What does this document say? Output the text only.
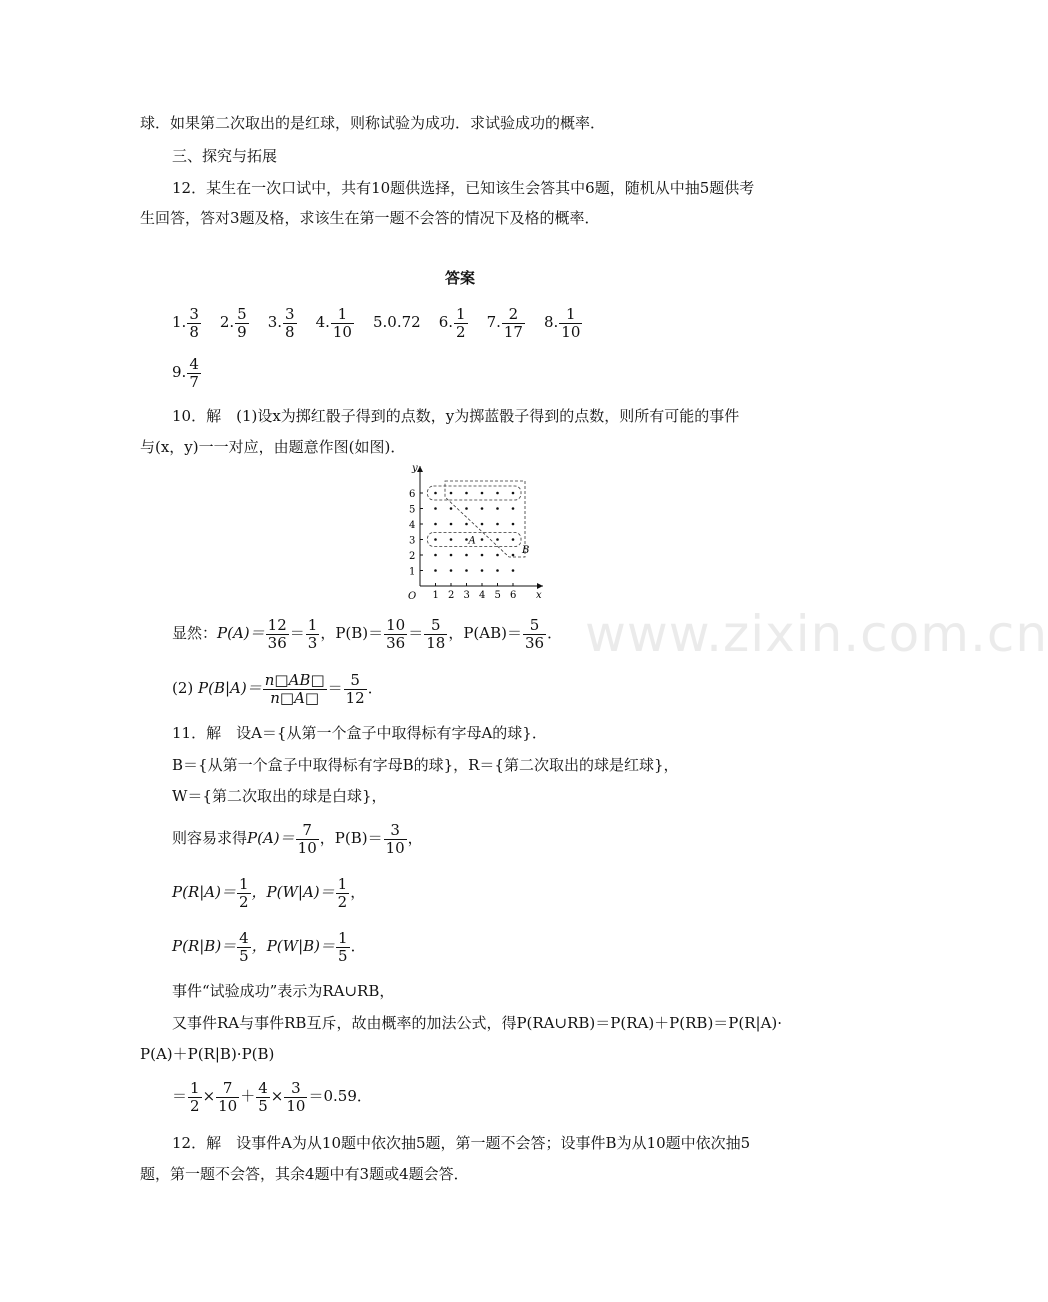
球．如果第二次取出的是红球，则称试验为成功．求试验成功的概率．
三、探究与拓展
12．某生在一次口试中，共有10题供选择，已知该生会答其中6题，随机从中抽5题供考
生回答，答对3题及格，求该生在第一题不会答的情况下及格的概率．
答案
1. $\frac{3}{8} 2$. $\frac{5}{9} 3$. $\frac{3}{8} 4$. $\frac{1}{10} 5.0.72$ 6. $\frac{1}{2} 7$. $\frac{2}{17} 8$. $\frac{1}{10}$
9. $\frac{4}{7}$
10．解　(1)设x为掷红骰子得到的点数，y为掷蓝骰子得到的点数，则所有可能的事件
与(x，y)一一对应，由题意作图(如图)．
y
x
O 1 2 3 4 5 6
1
2
3
4
5
6
A
B
显然：$P(A)= \frac{12}{36} = \frac{1}{3}$ ，$P(B)= \frac{10}{36} = \frac{5}{18}$ ，$P(AB)= \frac{5}{36}$ ．
(2) $P(B|A)= \frac{n□AB□}{n□A□} = \frac{5}{12}$ ．
11．解　设A＝{从第一个盒子中取得标有字母A的球}．
B＝{从第一个盒子中取得标有字母B的球}，R＝{第二次取出的球是红球}，
W＝{第二次取出的球是白球}，
则容易求得$P(A)= \frac{7}{10}$ ，$P(B)= \frac{3}{10}$ ，
$P(R|A)= \frac{1}{2}$ ，$P(W|A)= \frac{1}{2}$ ，
$P(R|B)= \frac{4}{5}$ ，$P(W|B)= \frac{1}{5}$ ．
事件“试验成功”表示为RA∪RB，
又事件RA与事件RB互斥，故由概率的加法公式，得P(RA∪RB)＝P(RA)＋P(RB)＝P(R|A)·
P(A)＋P(R|B)·P(B)
＝ $\frac{1}{2} \times \frac{7}{10} + \frac{4}{5} \times \frac{3}{10} =0.59$．
12．解　设事件A为从10题中依次抽5题，第一题不会答；设事件B为从10题中依次抽5
题，第一题不会答，其余4题中有3题或4题会答．
www.zixin.com.cn
